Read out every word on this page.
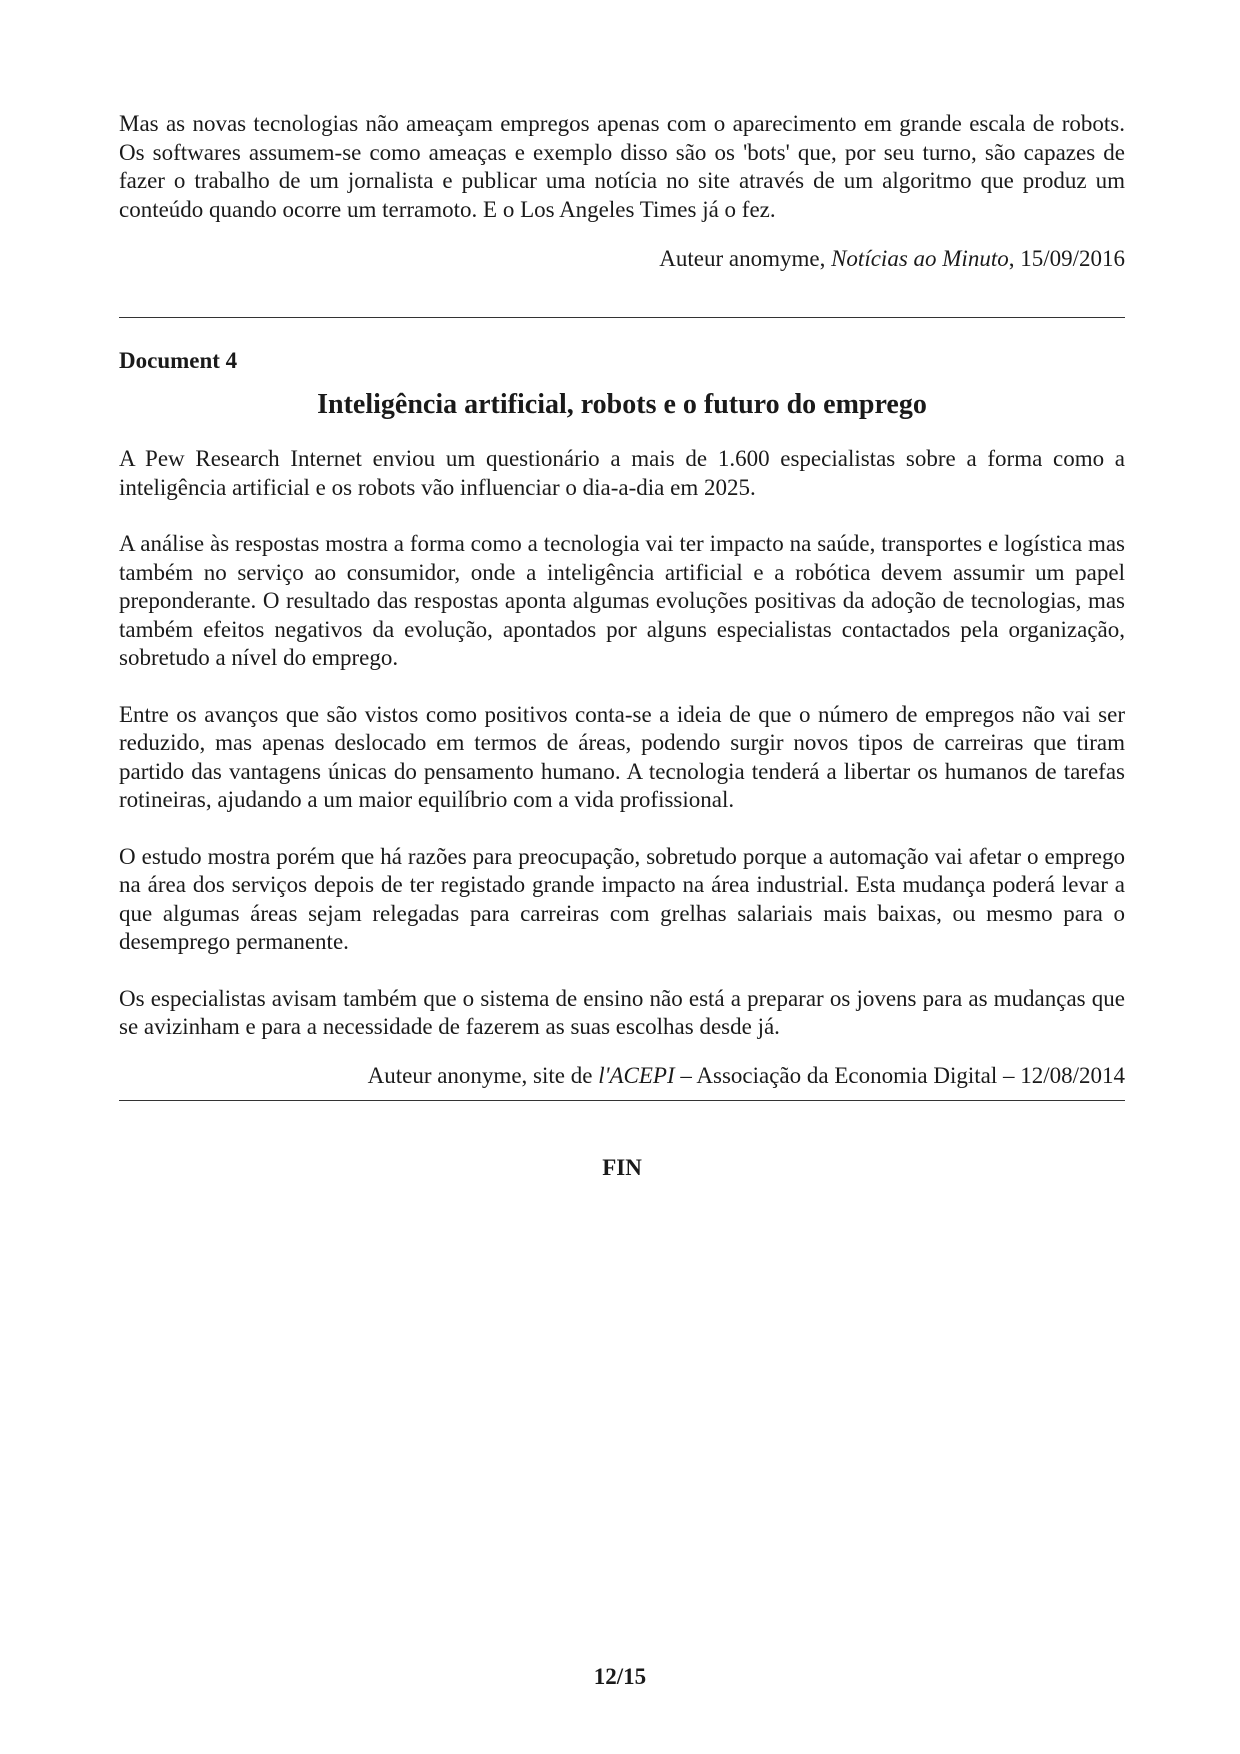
Mas as novas tecnologias não ameaçam empregos apenas com o aparecimento em grande escala de robots. Os softwares assumem-se como ameaças e exemplo disso são os 'bots' que, por seu turno, são capazes de fazer o trabalho de um jornalista e publicar uma notícia no site através de um algoritmo que produz um conteúdo quando ocorre um terramoto. E o Los Angeles Times já o fez.

Auteur anomyme, Notícias ao Minuto, 15/09/2016

Document 4

Inteligência artificial, robots e o futuro do emprego

A Pew Research Internet enviou um questionário a mais de 1.600 especialistas sobre a forma como a inteligência artificial e os robots vão influenciar o dia-a-dia em 2025.

A análise às respostas mostra a forma como a tecnologia vai ter impacto na saúde, transportes e logística mas também no serviço ao consumidor, onde a inteligência artificial e a robótica devem assumir um papel preponderante. O resultado das respostas aponta algumas evoluções positivas da adoção de tecnologias, mas também efeitos negativos da evolução, apontados por alguns especialistas contactados pela organização, sobretudo a nível do emprego.

Entre os avanços que são vistos como positivos conta-se a ideia de que o número de empregos não vai ser reduzido, mas apenas deslocado em termos de áreas, podendo surgir novos tipos de carreiras que tiram partido das vantagens únicas do pensamento humano. A tecnologia tenderá a libertar os humanos de tarefas rotineiras, ajudando a um maior equilíbrio com a vida profissional.

O estudo mostra porém que há razões para preocupação, sobretudo porque a automação vai afetar o emprego na área dos serviços depois de ter registado grande impacto na área industrial. Esta mudança poderá levar a que algumas áreas sejam relegadas para carreiras com grelhas salariais mais baixas, ou mesmo para o desemprego permanente.

Os especialistas avisam também que o sistema de ensino não está a preparar os jovens para as mudanças que se avizinham e para a necessidade de fazerem as suas escolhas desde já.

Auteur anonyme, site de l'ACEPI – Associação da Economia Digital – 12/08/2014

FIN

12/15
